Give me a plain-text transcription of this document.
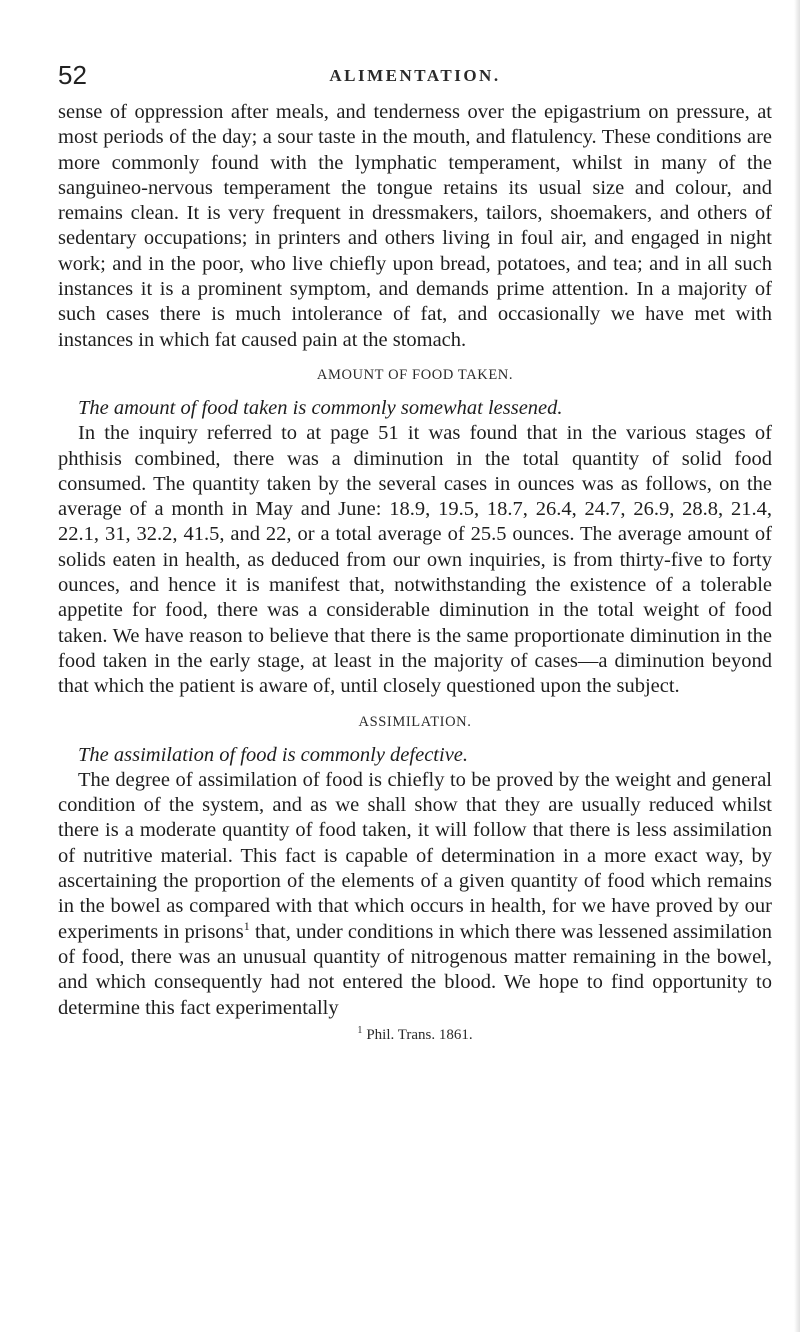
52	ALIMENTATION.

sense of oppression after meals, and tenderness over the epigastrium on pressure, at most periods of the day; a sour taste in the mouth, and flatulency. These conditions are more commonly found with the lymphatic temperament, whilst in many of the sanguineo-nervous temperament the tongue retains its usual size and colour, and remains clean. It is very frequent in dressmakers, tailors, shoemakers, and others of sedentary occupations; in printers and others living in foul air, and engaged in night work; and in the poor, who live chiefly upon bread, potatoes, and tea; and in all such instances it is a prominent symptom, and demands prime attention. In a majority of such cases there is much intolerance of fat, and occasionally we have met with instances in which fat caused pain at the stomach.

AMOUNT OF FOOD TAKEN.

The amount of food taken is commonly somewhat lessened.

In the inquiry referred to at page 51 it was found that in the various stages of phthisis combined, there was a diminution in the total quantity of solid food consumed. The quantity taken by the several cases in ounces was as follows, on the average of a month in May and June: 18.9, 19.5, 18.7, 26.4, 24.7, 26.9, 28.8, 21.4, 22.1, 31, 32.2, 41.5, and 22, or a total average of 25.5 ounces. The average amount of solids eaten in health, as deduced from our own inquiries, is from thirty-five to forty ounces, and hence it is manifest that, notwithstanding the existence of a tolerable appetite for food, there was a considerable diminution in the total weight of food taken. We have reason to believe that there is the same proportionate diminution in the food taken in the early stage, at least in the majority of cases—a diminution beyond that which the patient is aware of, until closely questioned upon the subject.

ASSIMILATION.

The assimilation of food is commonly defective.

The degree of assimilation of food is chiefly to be proved by the weight and general condition of the system, and as we shall show that they are usually reduced whilst there is a moderate quantity of food taken, it will follow that there is less assimilation of nutritive material. This fact is capable of determination in a more exact way, by ascertaining the proportion of the elements of a given quantity of food which remains in the bowel as compared with that which occurs in health, for we have proved by our experiments in prisons$^1$ that, under conditions in which there was lessened assimilation of food, there was an unusual quantity of nitrogenous matter remaining in the bowel, and which consequently had not entered the blood. We hope to find opportunity to determine this fact experimentally

$^1$ Phil. Trans. 1861.
